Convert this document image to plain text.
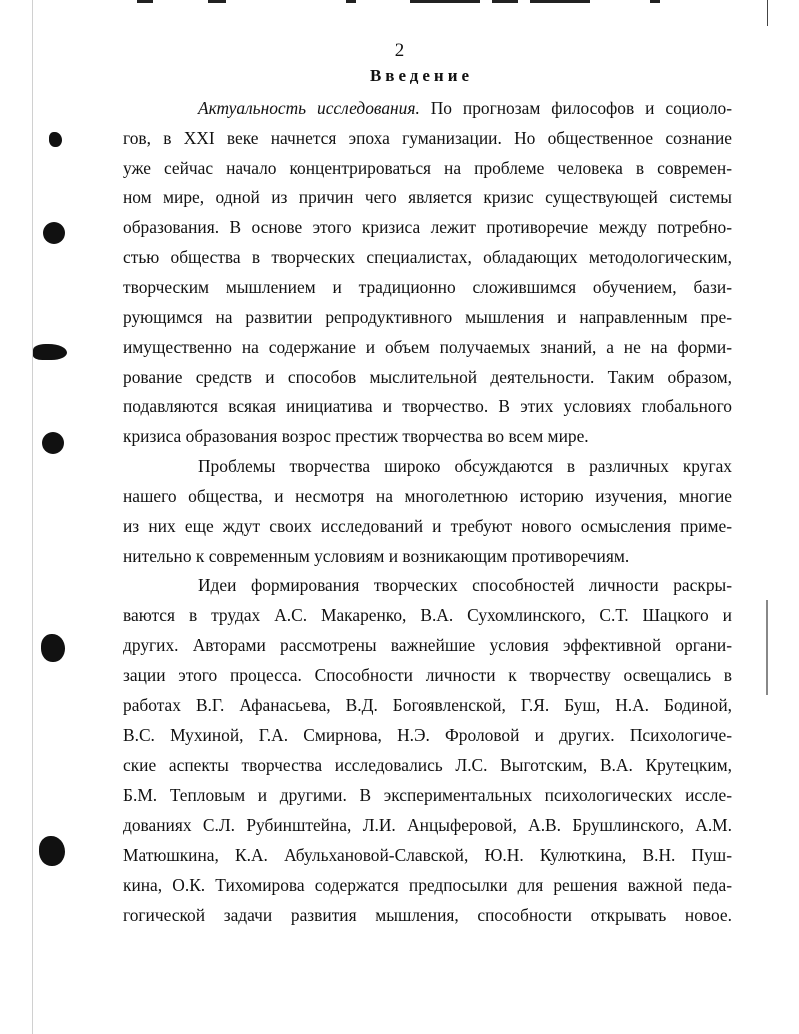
2
Введение
Актуальность исследования. По прогнозам философов и социоло-
гов, в XXI веке начнется эпоха гуманизации. Но общественное сознание
уже сейчас начало концентрироваться на проблеме человека в современ-
ном мире, одной из причин чего является кризис существующей системы
образования. В основе этого кризиса лежит противоречие между потребно-
стью общества в творческих специалистах, обладающих методологическим,
творческим мышлением и традиционно сложившимся обучением, бази-
рующимся на развитии репродуктивного мышления и направленным пре-
имущественно на содержание и объем получаемых знаний, а не на форми-
рование средств и способов мыслительной деятельности. Таким образом,
подавляются всякая инициатива и творчество. В этих условиях глобального
кризиса образования возрос престиж творчества во всем мире.
Проблемы творчества широко обсуждаются в различных кругах
нашего общества, и несмотря на многолетнюю историю изучения, многие
из них еще ждут своих исследований и требуют нового осмысления приме-
нительно к современным условиям и возникающим противоречиям.
Идеи формирования творческих способностей личности раскры-
ваются в трудах А.С. Макаренко, В.А. Сухомлинского, С.Т. Шацкого и
других. Авторами рассмотрены важнейшие условия эффективной органи-
зации этого процесса. Способности личности к творчеству освещались в
работах В.Г. Афанасьева, В.Д. Богоявленской, Г.Я. Буш, Н.А. Бодиной,
В.С. Мухиной, Г.А. Смирнова, Н.Э. Фроловой и других. Психологиче-
ские аспекты творчества исследовались Л.С. Выготским, В.А. Крутецким,
Б.М. Тепловым и другими. В экспериментальных психологических иссле-
дованиях С.Л. Рубинштейна, Л.И. Анцыферовой, А.В. Брушлинского, А.М.
Матюшкина, К.А. Абульхановой-Славской, Ю.Н. Кулюткина, В.Н. Пуш-
кина, О.К. Тихомирова содержатся предпосылки для решения важной педа-
гогической задачи развития мышления, способности открывать новое.
